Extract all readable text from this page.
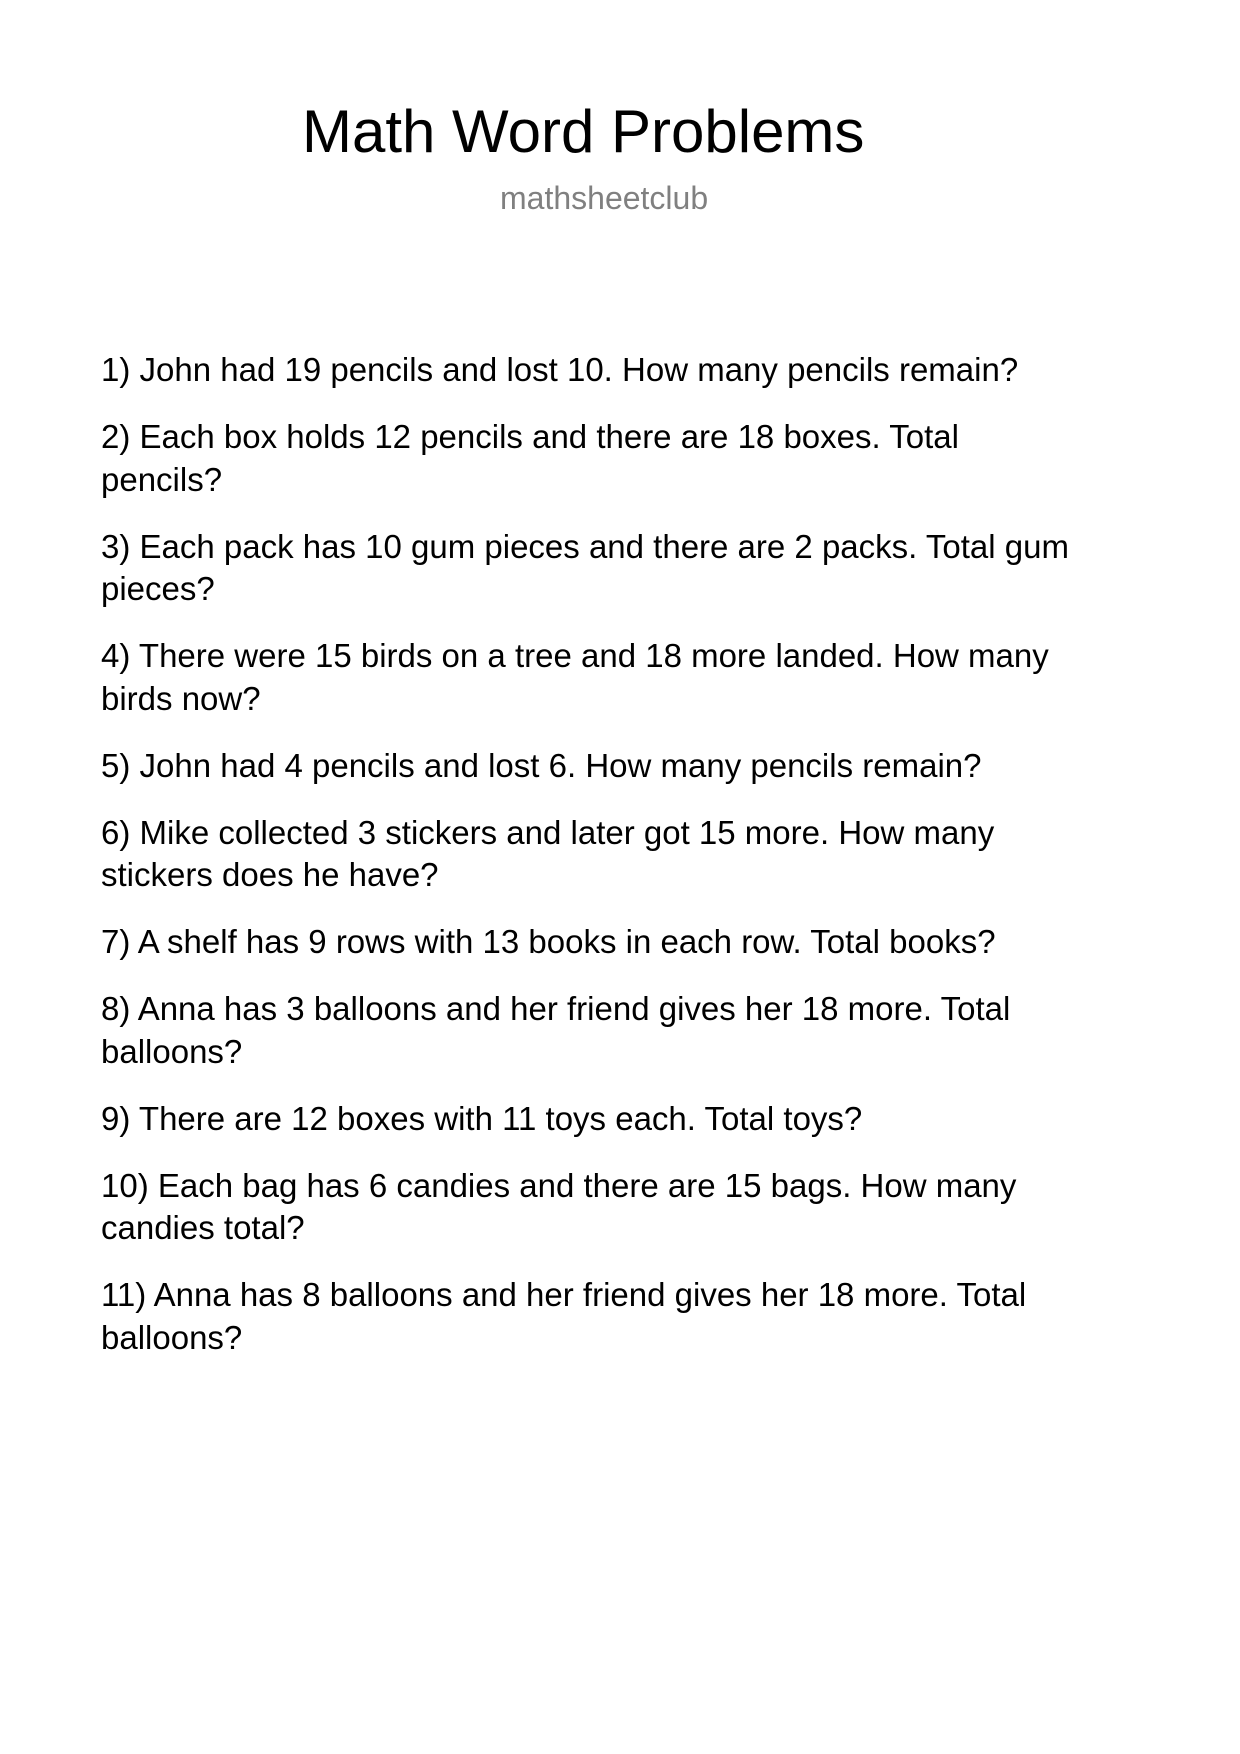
Math Word Problems
mathsheetclub
1) John had 19 pencils and lost 10. How many pencils remain?
2) Each box holds 12 pencils and there are 18 boxes. Total
pencils?
3) Each pack has 10 gum pieces and there are 2 packs. Total gum
pieces?
4) There were 15 birds on a tree and 18 more landed. How many
birds now?
5) John had 4 pencils and lost 6. How many pencils remain?
6) Mike collected 3 stickers and later got 15 more. How many
stickers does he have?
7) A shelf has 9 rows with 13 books in each row. Total books?
8) Anna has 3 balloons and her friend gives her 18 more. Total
balloons?
9) There are 12 boxes with 11 toys each. Total toys?
10) Each bag has 6 candies and there are 15 bags. How many
candies total?
11) Anna has 8 balloons and her friend gives her 18 more. Total
balloons?
